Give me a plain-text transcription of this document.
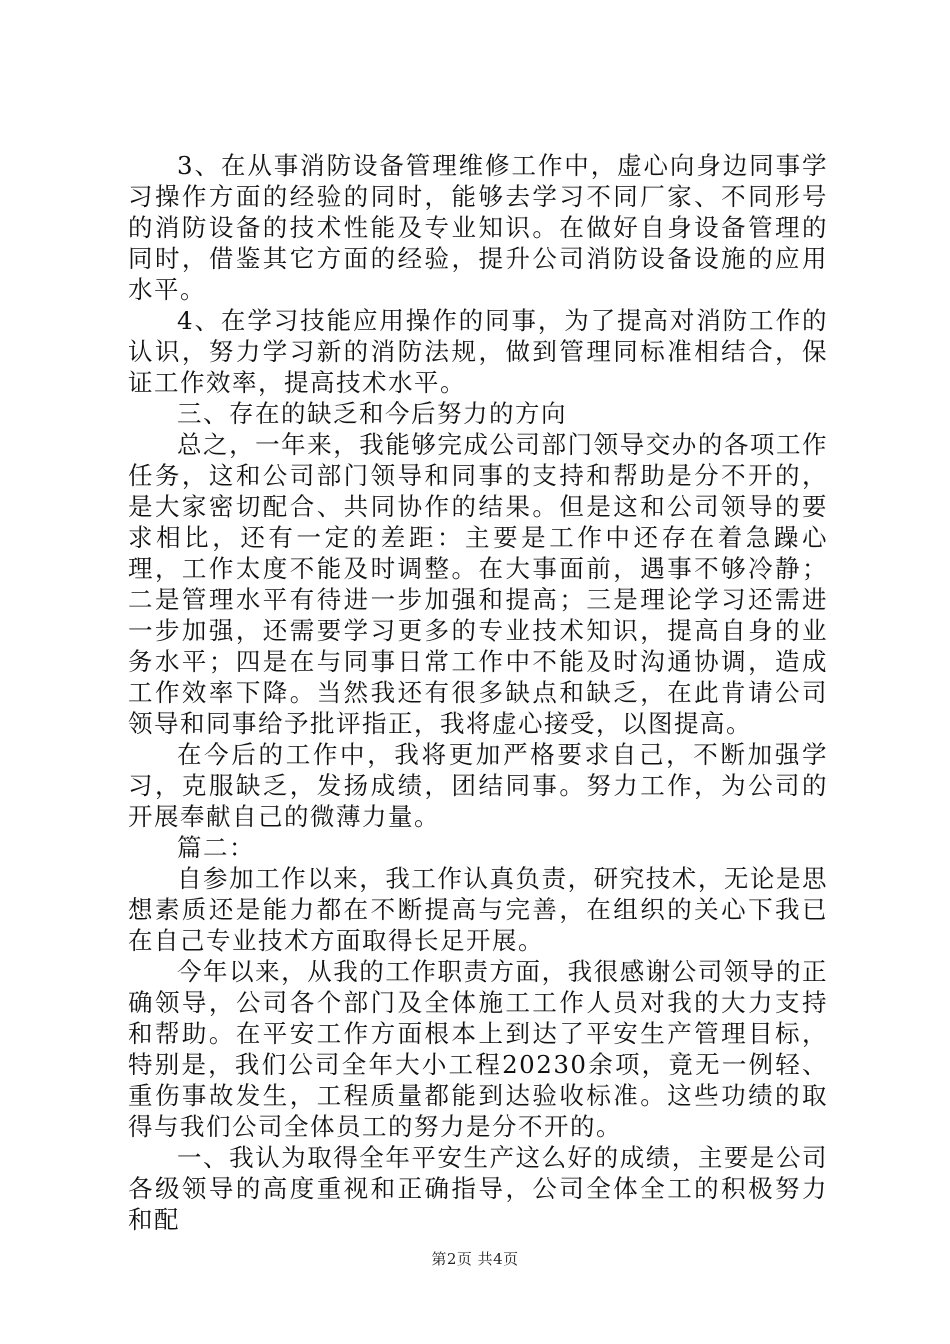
3、在从事消防设备管理维修工作中，虚心向身边同事学习操作方面的经验的同时，能够去学习不同厂家、不同形号的消防设备的技术性能及专业知识。在做好自身设备管理的同时，借鉴其它方面的经验，提升公司消防设备设施的应用水平。

4、在学习技能应用操作的同事，为了提高对消防工作的认识，努力学习新的消防法规，做到管理同标准相结合，保证工作效率，提高技术水平。

三、存在的缺乏和今后努力的方向

总之，一年来，我能够完成公司部门领导交办的各项工作任务，这和公司部门领导和同事的支持和帮助是分不开的，是大家密切配合、共同协作的结果。但是这和公司领导的要求相比，还有一定的差距：主要是工作中还存在着急躁心理，工作太度不能及时调整。在大事面前，遇事不够冷静；二是管理水平有待进一步加强和提高；三是理论学习还需进一步加强，还需要学习更多的专业技术知识，提高自身的业务水平；四是在与同事日常工作中不能及时沟通协调，造成工作效率下降。当然我还有很多缺点和缺乏，在此肯请公司领导和同事给予批评指正，我将虚心接受，以图提高。

在今后的工作中，我将更加严格要求自己，不断加强学习，克服缺乏，发扬成绩，团结同事。努力工作，为公司的开展奉献自己的微薄力量。

篇二：

自参加工作以来，我工作认真负责，研究技术，无论是思想素质还是能力都在不断提高与完善，在组织的关心下我已在自己专业技术方面取得长足开展。

今年以来，从我的工作职责方面，我很感谢公司领导的正确领导，公司各个部门及全体施工工作人员对我的大力支持和帮助。在平安工作方面根本上到达了平安生产管理目标，特别是，我们公司全年大小工程20230余项，竟无一例轻、重伤事故发生，工程质量都能到达验收标准。这些功绩的取得与我们公司全体员工的努力是分不开的。

一、我认为取得全年平安生产这么好的成绩，主要是公司各级领导的高度重视和正确指导，公司全体全工的积极努力和配

第2页 共4页
